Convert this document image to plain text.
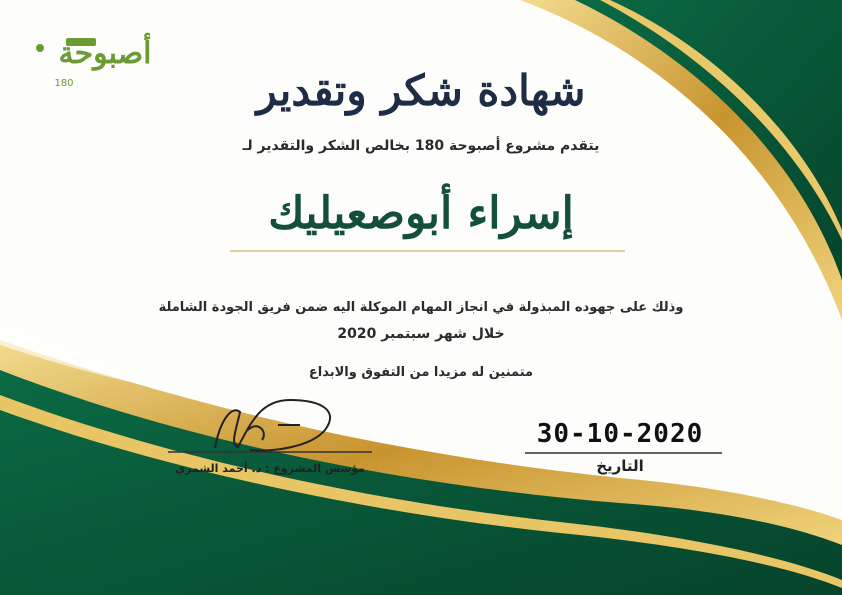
أصبوحة
180	شهادة شكر وتقدير
يتقدم مشروع أصبوحة 180 بخالص الشكر والتقدير لـ
إسراء أبوصعيليك
وذلك على جهوده المبذولة في انجاز المهام الموكلة اليه ضمن فريق الجودة الشاملة
خلال شهر سبتمبر 2020
متمنين له مزيدا من التفوق والابداع
30-10-2020
التاريخ
مؤسس المشروع : د. أحمد الشمري
